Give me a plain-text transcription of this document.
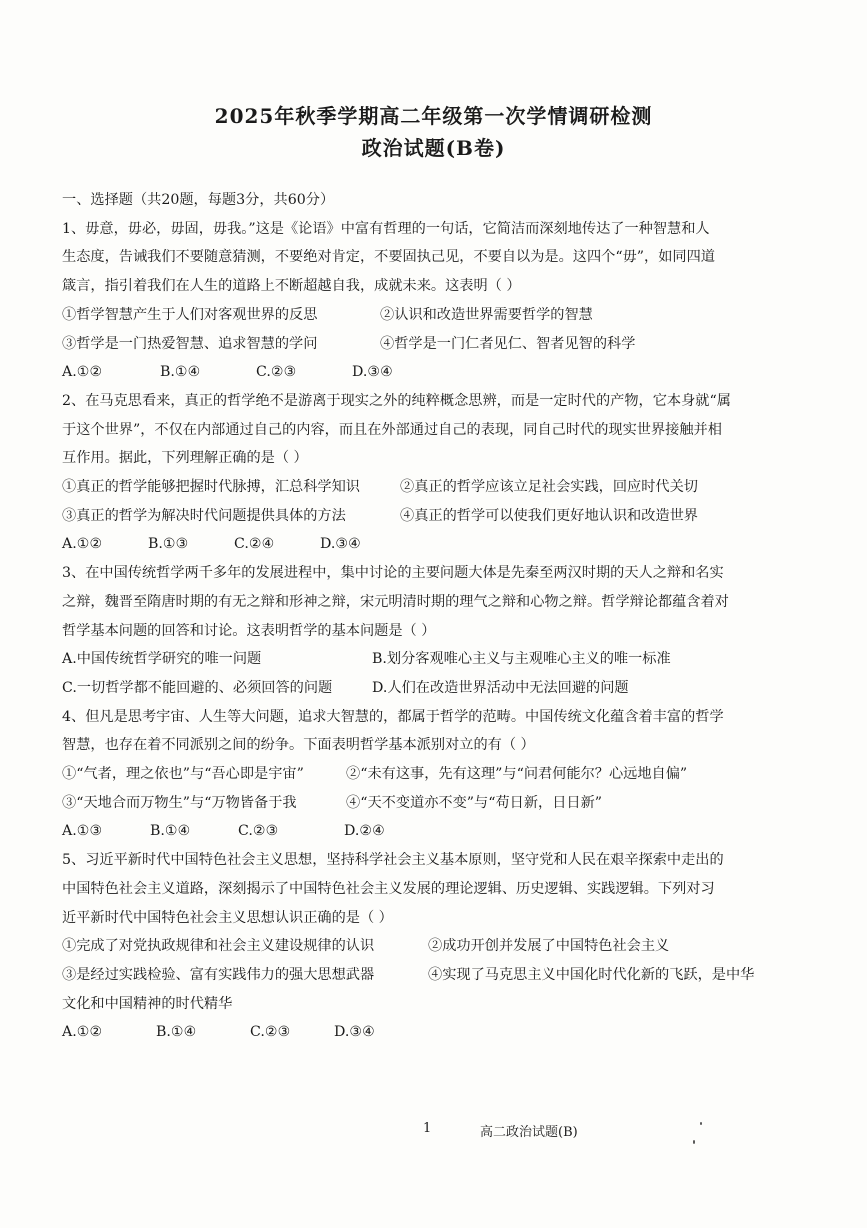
2025年秋季学期高二年级第一次学情调研检测
政治试题(B卷)
一、选择题（共20题，每题3分，共60分）
1、毋意，毋必，毋固，毋我。”这是《论语》中富有哲理的一句话，它简洁而深刻地传达了一种智慧和人
生态度，告诫我们不要随意猜测，不要绝对肯定，不要固执己见，不要自以为是。这四个“毋”，如同四道
箴言，指引着我们在人生的道路上不断超越自我，成就未来。这表明（ ）
①哲学智慧产生于人们对客观世界的反思	②认识和改造世界需要哲学的智慧
③哲学是一门热爱智慧、追求智慧的学问	④哲学是一门仁者见仁、智者见智的科学
A.①②	B.①④	C.②③	D.③④
2、在马克思看来，真正的哲学绝不是游离于现实之外的纯粹概念思辨，而是一定时代的产物，它本身就“属
于这个世界”，不仅在内部通过自己的内容，而且在外部通过自己的表现，同自己时代的现实世界接触并相
互作用。据此，下列理解正确的是（ ）
①真正的哲学能够把握时代脉搏，汇总科学知识	②真正的哲学应该立足社会实践，回应时代关切
③真正的哲学为解决时代问题提供具体的方法	④真正的哲学可以使我们更好地认识和改造世界
A.①②	B.①③	C.②④	D.③④
3、在中国传统哲学两千多年的发展进程中，集中讨论的主要问题大体是先秦至两汉时期的天人之辩和名实
之辩，魏晋至隋唐时期的有无之辩和形神之辩，宋元明清时期的理气之辩和心物之辩。哲学辩论都蕴含着对
哲学基本问题的回答和讨论。这表明哲学的基本问题是（ ）
A.中国传统哲学研究的唯一问题	B.划分客观唯心主义与主观唯心主义的唯一标准
C.一切哲学都不能回避的、必须回答的问题	D.人们在改造世界活动中无法回避的问题
4、但凡是思考宇宙、人生等大问题，追求大智慧的，都属于哲学的范畴。中国传统文化蕴含着丰富的哲学
智慧，也存在着不同派别之间的纷争。下面表明哲学基本派别对立的有（ ）
①“气者，理之依也”与“吾心即是宇宙”	②“未有这事，先有这理”与“问君何能尔？心远地自偏”
③“天地合而万物生”与“万物皆备于我	④“天不变道亦不变”与“苟日新，日日新”
A.①③	B.①④	C.②③	D.②④
5、习近平新时代中国特色社会主义思想，坚持科学社会主义基本原则，坚守党和人民在艰辛探索中走出的
中国特色社会主义道路，深刻揭示了中国特色社会主义发展的理论逻辑、历史逻辑、实践逻辑。下列对习
近平新时代中国特色社会主义思想认识正确的是（ ）
①完成了对党执政规律和社会主义建设规律的认识	②成功开创并发展了中国特色社会主义
③是经过实践检验、富有实践伟力的强大思想武器	④实现了马克思主义中国化时代化新的飞跃，是中华
文化和中国精神的时代精华
A.①②	B.①④	C.②③	D.③④
1	高二政治试题(B)
